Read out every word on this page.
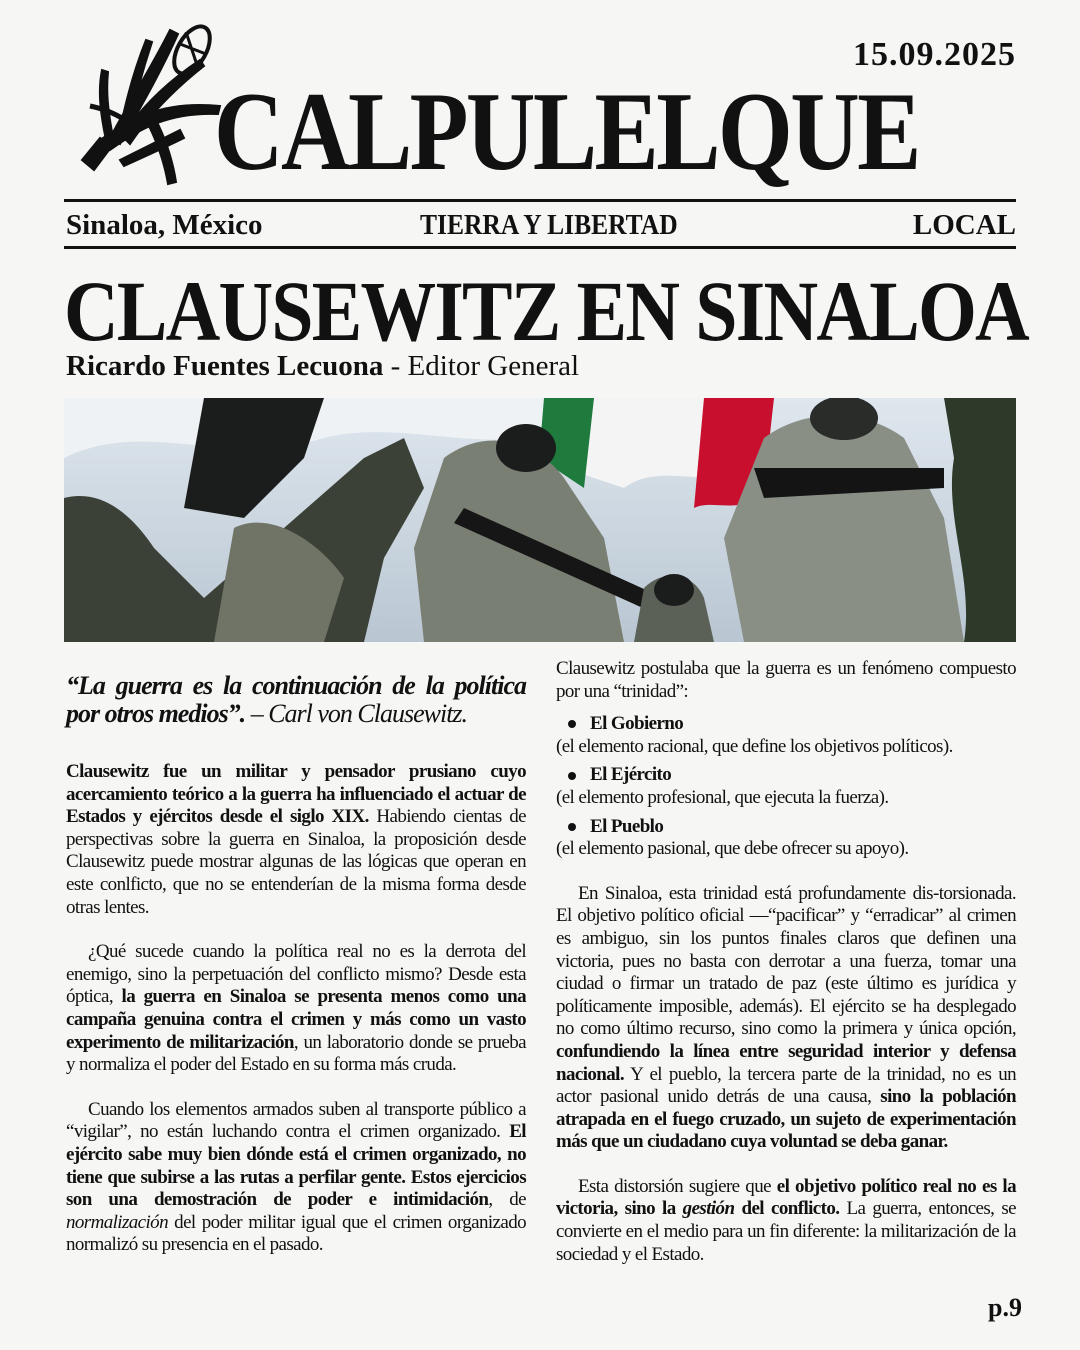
15.09.2025
CALPULELQUE
Sinaloa, México	TIERRA Y LIBERTAD	LOCAL
CLAUSEWITZ EN SINALOA
Ricardo Fuentes Lecuona - Editor General

“La guerra es la continuación de la política por otros medios”. – Carl von Clausewitz.

Clausewitz fue un militar y pensador prusiano cuyo acercamiento teórico a la guerra ha influenciado el actuar de Estados y ejércitos desde el siglo XIX. Habiendo cientas de perspectivas sobre la guerra en Sinaloa, la proposición desde Clausewitz puede mostrar algunas de las lógicas que operan en este conlficto, que no se entenderían de la misma forma desde otras lentes.

¿Qué sucede cuando la política real no es la derrota del enemigo, sino la perpetuación del conflicto mismo? Desde esta óptica, la guerra en Sinaloa se presenta menos como una campaña genuina contra el crimen y más como un vasto experimento de militarización, un laboratorio donde se prueba y normaliza el poder del Estado en su forma más cruda.

Cuando los elementos armados suben al transporte público a “vigilar”, no están luchando contra el crimen organizado. El ejército sabe muy bien dónde está el crimen organizado, no tiene que subirse a las rutas a perfilar gente. Estos ejercicios son una demostración de poder e intimidación, de normalización del poder militar igual que el crimen organizado normalizó su presencia en el pasado.

Clausewitz postulaba que la guerra es un fenómeno compuesto por una “trinidad”:

El Gobierno

(el elemento racional, que define los objetivos políticos).

El Ejército

(el elemento profesional, que ejecuta la fuerza).

El Pueblo

(el elemento pasional, que debe ofrecer su apoyo).

En Sinaloa, esta trinidad está profundamente dis-torsionada. El objetivo político oficial —“pacificar” y “erradicar” al crimen es ambiguo, sin los puntos finales claros que definen una victoria, pues no basta con derrotar a una fuerza, tomar una ciudad o firmar un tratado de paz (este último es jurídica y políticamente imposible, además). El ejército se ha desplegado no como último recurso, sino como la primera y única opción, confundiendo la línea entre seguridad interior y defensa nacional. Y el pueblo, la tercera parte de la trinidad, no es un actor pasional unido detrás de una causa, sino la población atrapada en el fuego cruzado, un sujeto de experimentación más que un ciudadano cuya voluntad se deba ganar.

Esta distorsión sugiere que el objetivo político real no es la victoria, sino la gestión del conflicto. La guerra, entonces, se convierte en el medio para un fin diferente: la militarización de la sociedad y el Estado.

p.9
